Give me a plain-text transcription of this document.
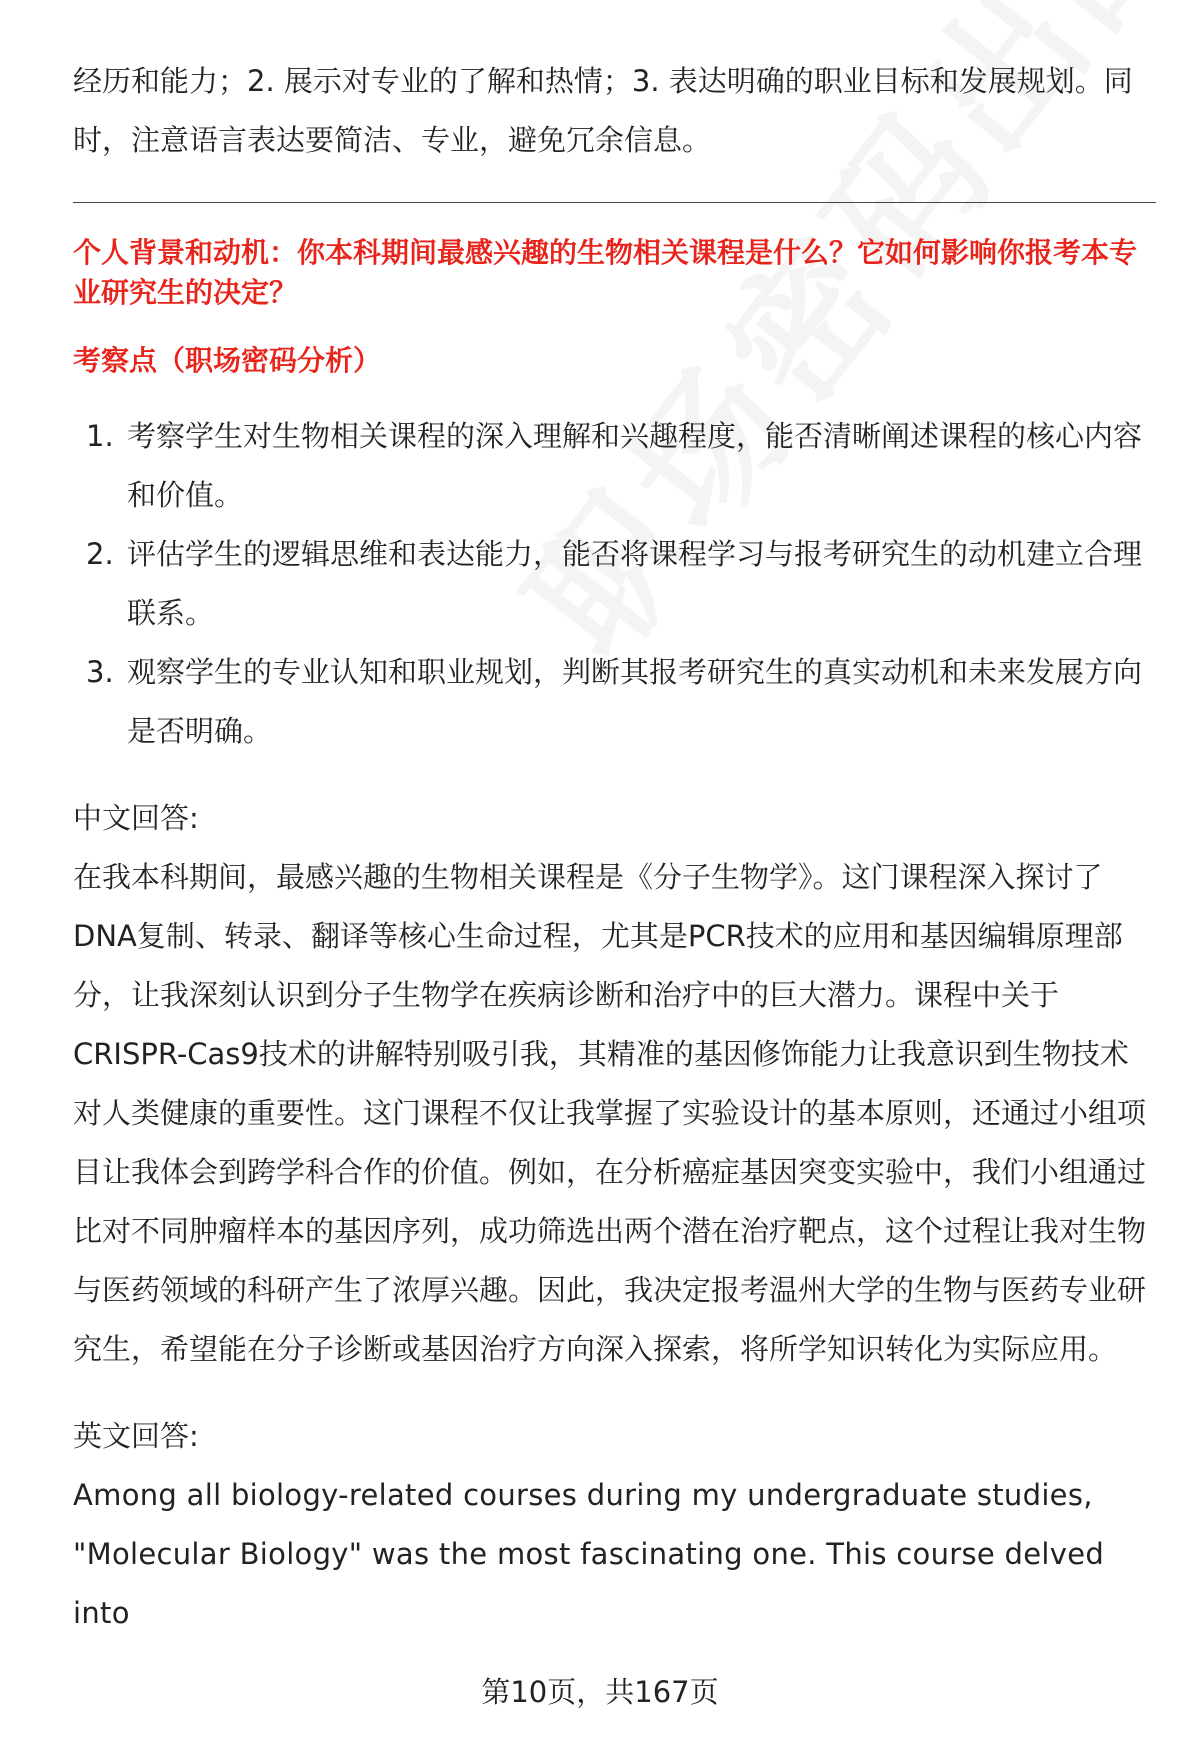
经历和能力；2. 展示对专业的了解和热情；3. 表达明确的职业目标和发展规划。同时，注意语言表达要简洁、专业，避免冗余信息。

个人背景和动机：你本科期间最感兴趣的生物相关课程是什么？它如何影响你报考本专业研究生的决定？

考察点（职场密码分析）

1. 考察学生对生物相关课程的深入理解和兴趣程度，能否清晰阐述课程的核心内容和价值。
2. 评估学生的逻辑思维和表达能力，能否将课程学习与报考研究生的动机建立合理联系。
3. 观察学生的专业认知和职业规划，判断其报考研究生的真实动机和未来发展方向是否明确。

中文回答:

在我本科期间，最感兴趣的生物相关课程是《分子生物学》。这门课程深入探讨了DNA复制、转录、翻译等核心生命过程，尤其是PCR技术的应用和基因编辑原理部分，让我深刻认识到分子生物学在疾病诊断和治疗中的巨大潜力。课程中关于CRISPR-Cas9技术的讲解特别吸引我，其精准的基因修饰能力让我意识到生物技术对人类健康的重要性。这门课程不仅让我掌握了实验设计的基本原则，还通过小组项目让我体会到跨学科合作的价值。例如，在分析癌症基因突变实验中，我们小组通过比对不同肿瘤样本的基因序列，成功筛选出两个潜在治疗靶点，这个过程让我对生物与医药领域的科研产生了浓厚兴趣。因此，我决定报考温州大学的生物与医药专业研究生，希望能在分子诊断或基因治疗方向深入探索，将所学知识转化为实际应用。

英文回答:

Among all biology-related courses during my undergraduate studies,

"Molecular Biology" was the most fascinating one. This course delved into

第10页，共167页
